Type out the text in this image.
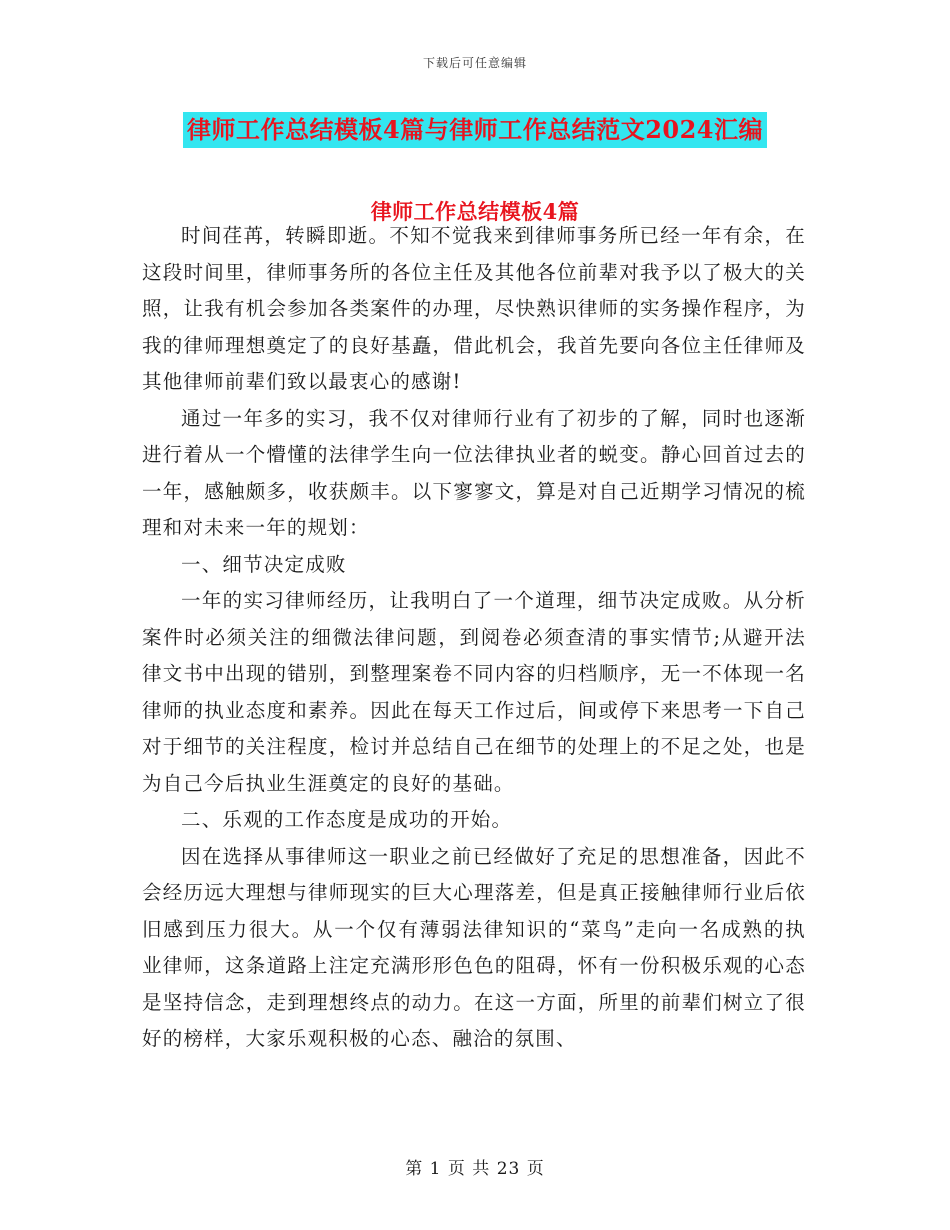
下载后可任意编辑
律师工作总结模板4篇与律师工作总结范文2024汇编
律师工作总结模板4篇

时间荏苒，转瞬即逝。不知不觉我来到律师事务所已经一年有余，在这段时间里，律师事务所的各位主任及其他各位前辈对我予以了极大的关照，让我有机会参加各类案件的办理，尽快熟识律师的实务操作程序，为我的律师理想奠定了的良好基矗，借此机会，我首先要向各位主任律师及其他律师前辈们致以最衷心的感谢!

通过一年多的实习，我不仅对律师行业有了初步的了解，同时也逐渐进行着从一个懵懂的法律学生向一位法律执业者的蜕变。静心回首过去的一年，感触颇多，收获颇丰。以下寥寥文，算是对自己近期学习情况的梳理和对未来一年的规划：

一、细节决定成败

一年的实习律师经历，让我明白了一个道理，细节决定成败。从分析案件时必须关注的细微法律问题，到阅卷必须查清的事实情节;从避开法律文书中出现的错别，到整理案卷不同内容的归档顺序，无一不体现一名律师的执业态度和素养。因此在每天工作过后，间或停下来思考一下自己对于细节的关注程度，检讨并总结自己在细节的处理上的不足之处，也是为自己今后执业生涯奠定的良好的基础。

二、乐观的工作态度是成功的开始。

因在选择从事律师这一职业之前已经做好了充足的思想准备，因此不会经历远大理想与律师现实的巨大心理落差，但是真正接触律师行业后依旧感到压力很大。从一个仅有薄弱法律知识的“菜鸟”走向一名成熟的执业律师，这条道路上注定充满形形色色的阻碍，怀有一份积极乐观的心态是坚持信念，走到理想终点的动力。在这一方面，所里的前辈们树立了很好的榜样，大家乐观积极的心态、融洽的氛围、

第 1 页 共 23 页
